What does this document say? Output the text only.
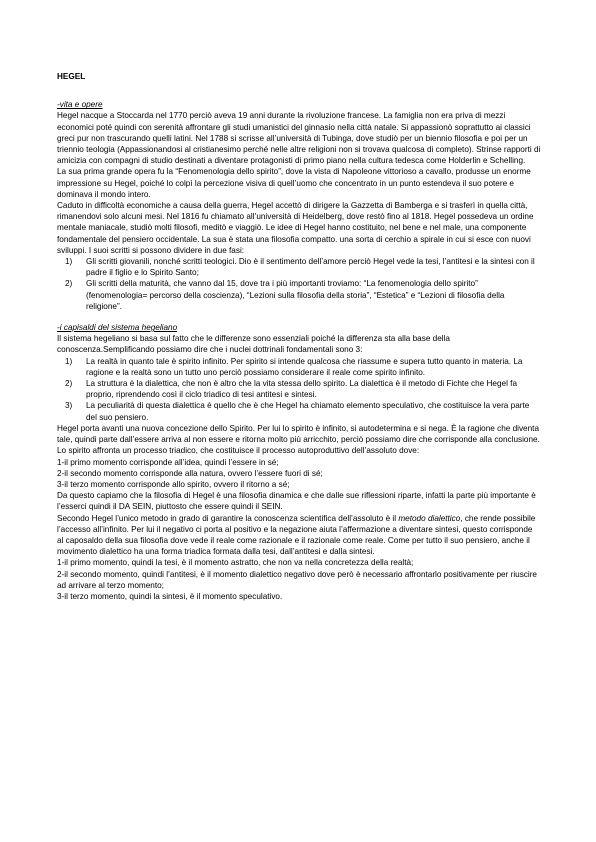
HEGEL

-vita e opere

Hegel nacque a Stoccarda nel 1770 perciò aveva 19 anni durante la rivoluzione francese. La famiglia non era priva di mezzi economici poté quindi con serenità affrontare gli studi umanistici del ginnasio nella città natale. Si appassionò soprattutto ai classici greci pur non trascurando quelli latini. Nel 1788 si scrisse all’università di Tubinga, dove studiò per un biennio filosofia e poi per un triennio teologia (Appassionandosi al cristianesimo perché nelle altre religioni non si trovava qualcosa di completo). Strinse rapporti di amicizia con compagni di studio destinati a diventare protagonisti di primo piano nella cultura tedesca come Holderlin e Schelling.

La sua prima grande opera fu la “Fenomenologia dello spirito”, dove la vista di Napoleone vittorioso a cavallo, produsse un enorme impressione su Hegel, poiché lo colpì la percezione visiva di quell’uomo che concentrato in un punto estendeva il suo potere e dominava il mondo intero.

Caduto in difficoltà economiche a causa della guerra, Hegel accettò di dirigere la Gazzetta di Bamberga e si trasferì in quella città, rimanendovi solo alcuni mesi. Nel 1816 fu chiamato all’università di Heidelberg, dove restò fino al 1818. Hegel possedeva un ordine mentale maniacale, studiò molti filosofi, meditò e viaggiò. Le idee di Hegel hanno costituito, nel bene e nel male, una componente fondamentale del pensiero occidentale. La sua è stata una filosofia compatto. una sorta di cerchio a spirale in cui si esce con nuovi sviluppi. I suoi scritti si possono dividere in due fasi:

1) Gli scritti giovanili, nonché scritti teologici. Dio è il sentimento dell’amore perciò Hegel vede la tesi, l’antitesi e la sintesi con il padre il figlio e lo Spirito Santo;
2) Gli scritti della maturità, che vanno dal 15, dove tra i più importanti troviamo: “La fenomenologia dello spirito” (fenomenologia= percorso della coscienza), “Lezioni sulla filosofia della storia”, “Estetica” e “Lezioni di filosofia della religione”.

-i capisaldi del sistema hegeliano

Il sistema hegeliano si basa sul fatto che le differenze sono essenziali poiché la differenza sta alla base della conoscenza.Semplificando possiamo dire che i nuclei dottrinali fondamentali sono 3:

1) La realtà in quanto tale è spirito infinito. Per spirito si intende qualcosa che riassume e supera tutto quanto in materia. La ragione e la realtà sono un tutto uno perciò possiamo considerare il reale come spirito infinito.
2) La struttura è la dialettica, che non è altro che la vita stessa dello spirito. La dialettica è il metodo di Fichte che Hegel fa proprio, riprendendo così il ciclo triadico di tesi antitesi e sintesi.
3) La peculiarità di questa dialettica è quello che è che Hegel ha chiamato elemento speculativo, che costituisce la vera parte del suo pensiero.

Hegel porta avanti una nuova concezione dello Spirito. Per lui lo spirito è infinito, si autodetermina e si nega. È la ragione che diventa tale, quindi parte dall’essere arriva al non essere e ritorna molto più arricchito, perciò possiamo dire che corrisponde alla conclusione.

Lo spirito affronta un processo triadico, che costituisce il processo autoproduttivo dell’assoluto dove:

1-il primo momento corrisponde all’idea, quindi l’essere in sé;

2-il secondo momento corrisponde alla natura, ovvero l’essere fuori di sé;

3-il terzo momento corrisponde allo spirito, ovvero il ritorno a sé;

Da questo capiamo che la filosofia di Hegel è una filosofia dinamica e che dalle sue riflessioni riparte, infatti la parte più importante è l’esserci quindi il DA SEIN, piuttosto che essere quindi il SEIN.

Secondo Hegel l’unico metodo in grado di garantire la conoscenza scientifica dell’assoluto è il metodo dialettico, che rende possibile l’accesso all’infinito. Per lui il negativo ci porta al positivo e la negazione aiuta l’affermazione a diventare sintesi, questo corrisponde al caposaldo della sua filosofia dove vede il reale come razionale e il razionale come reale. Come per tutto il suo pensiero, anche il movimento dialettico ha una forma triadica formata dalla tesi, dall’antitesi e dalla sintesi.

1-il primo momento, quindi la tesi, è il momento astratto, che non va nella concretezza della realtà;

2-il secondo momento, quindi l’antitesi, è il momento dialettico negativo dove però è necessario affrontarlo positivamente per riuscire ad arrivare al terzo momento;

3-il terzo momento, quindi la sintesi, è il momento speculativo.
